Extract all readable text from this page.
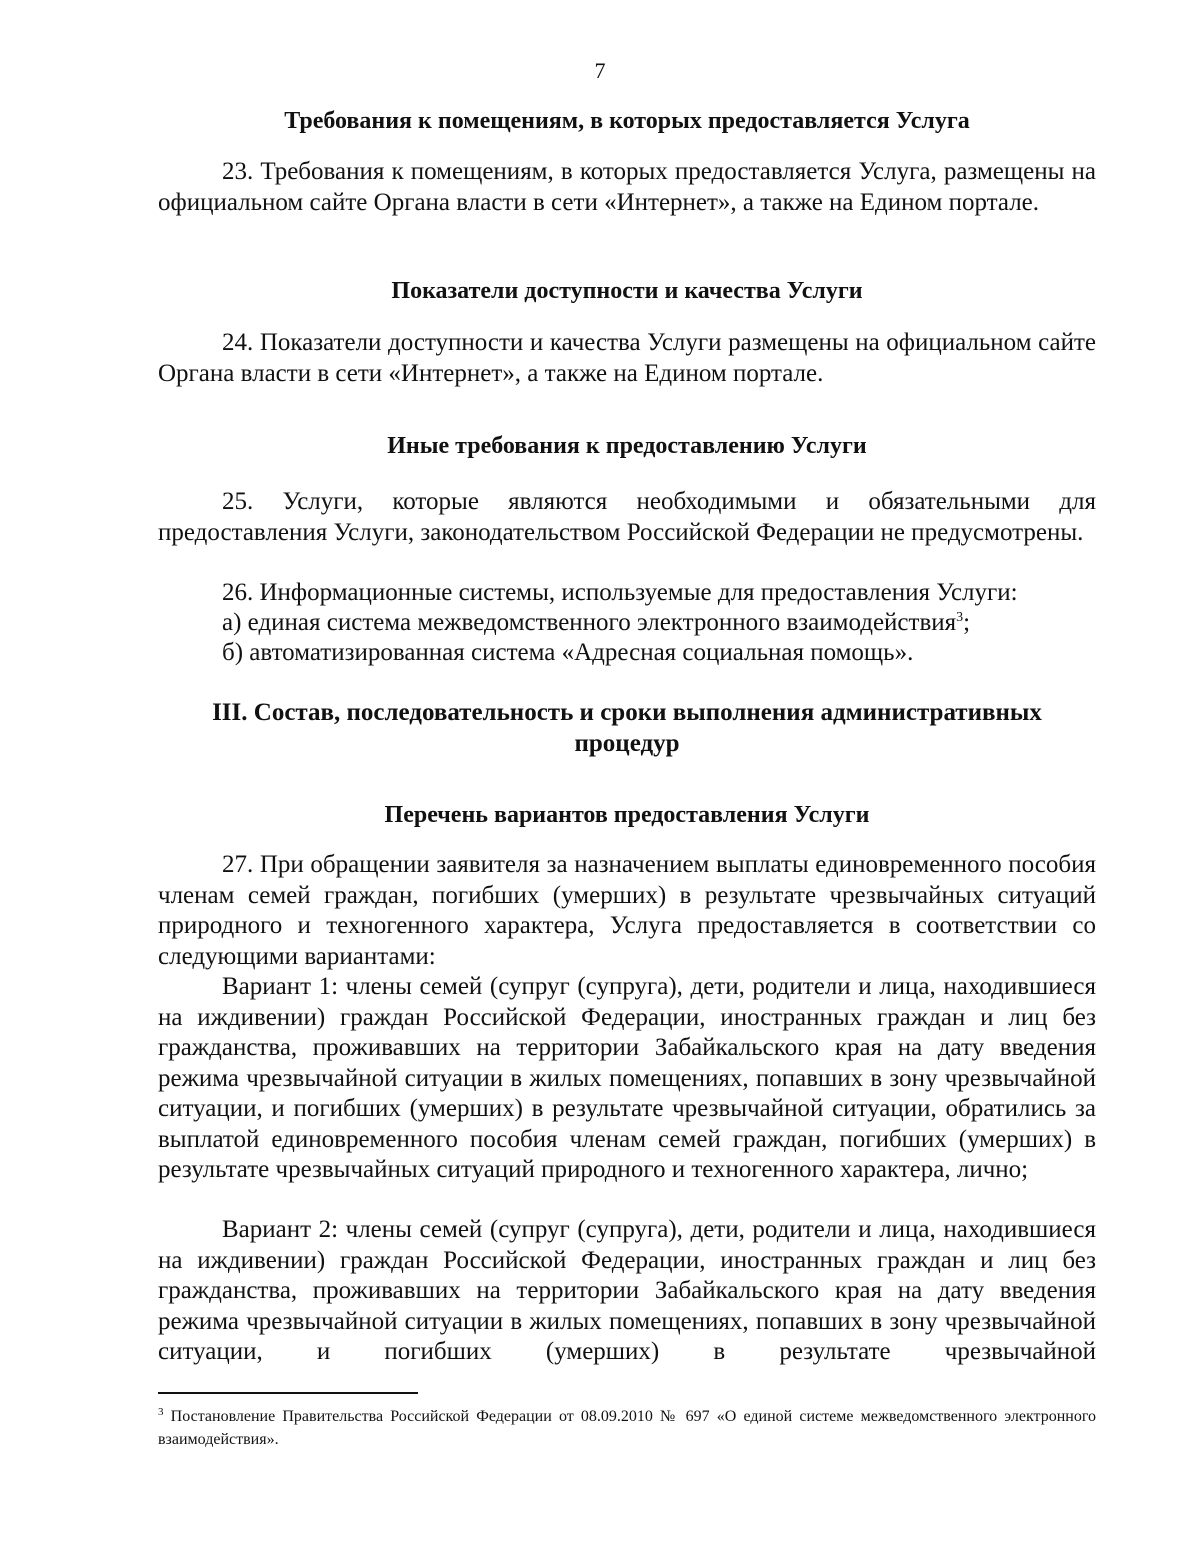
7
Требования к помещениям, в которых предоставляется Услуга
23. Требования к помещениям, в которых предоставляется Услуга, размещены на официальном сайте Органа власти в сети «Интернет», а также на Едином портале.
Показатели доступности и качества Услуги
24. Показатели доступности и качества Услуги размещены на официальном сайте Органа власти в сети «Интернет», а также на Едином портале.
Иные требования к предоставлению Услуги
25. Услуги, которые являются необходимыми и обязательными для предоставления Услуги, законодательством Российской Федерации не предусмотрены.
26. Информационные системы, используемые для предоставления Услуги:
а) единая система межведомственного электронного взаимодействия$^3$;
б) автоматизированная система «Адресная социальная помощь».
III. Состав, последовательность и сроки выполнения административных процедур
Перечень вариантов предоставления Услуги
27. При обращении заявителя за назначением выплаты единовременного пособия членам семей граждан, погибших (умерших) в результате чрезвычайных ситуаций природного и техногенного характера, Услуга предоставляется в соответствии со следующими вариантами:
Вариант 1: члены семей (супруг (супруга), дети, родители и лица, находившиеся на иждивении) граждан Российской Федерации, иностранных граждан и лиц без гражданства, проживавших на территории Забайкальского края на дату введения режима чрезвычайной ситуации в жилых помещениях, попавших в зону чрезвычайной ситуации, и погибших (умерших) в результате чрезвычайной ситуации, обратились за выплатой единовременного пособия членам семей граждан, погибших (умерших) в результате чрезвычайных ситуаций природного и техногенного характера, лично;
Вариант 2: члены семей (супруг (супруга), дети, родители и лица, находившиеся на иждивении) граждан Российской Федерации, иностранных граждан и лиц без гражданства, проживавших на территории Забайкальского края на дату введения режима чрезвычайной ситуации в жилых помещениях, попавших в зону чрезвычайной ситуации, и погибших (умерших) в результате чрезвычайной
$^3$ Постановление Правительства Российской Федерации от 08.09.2010 № 697 «О единой системе межведомственного электронного взаимодействия».
